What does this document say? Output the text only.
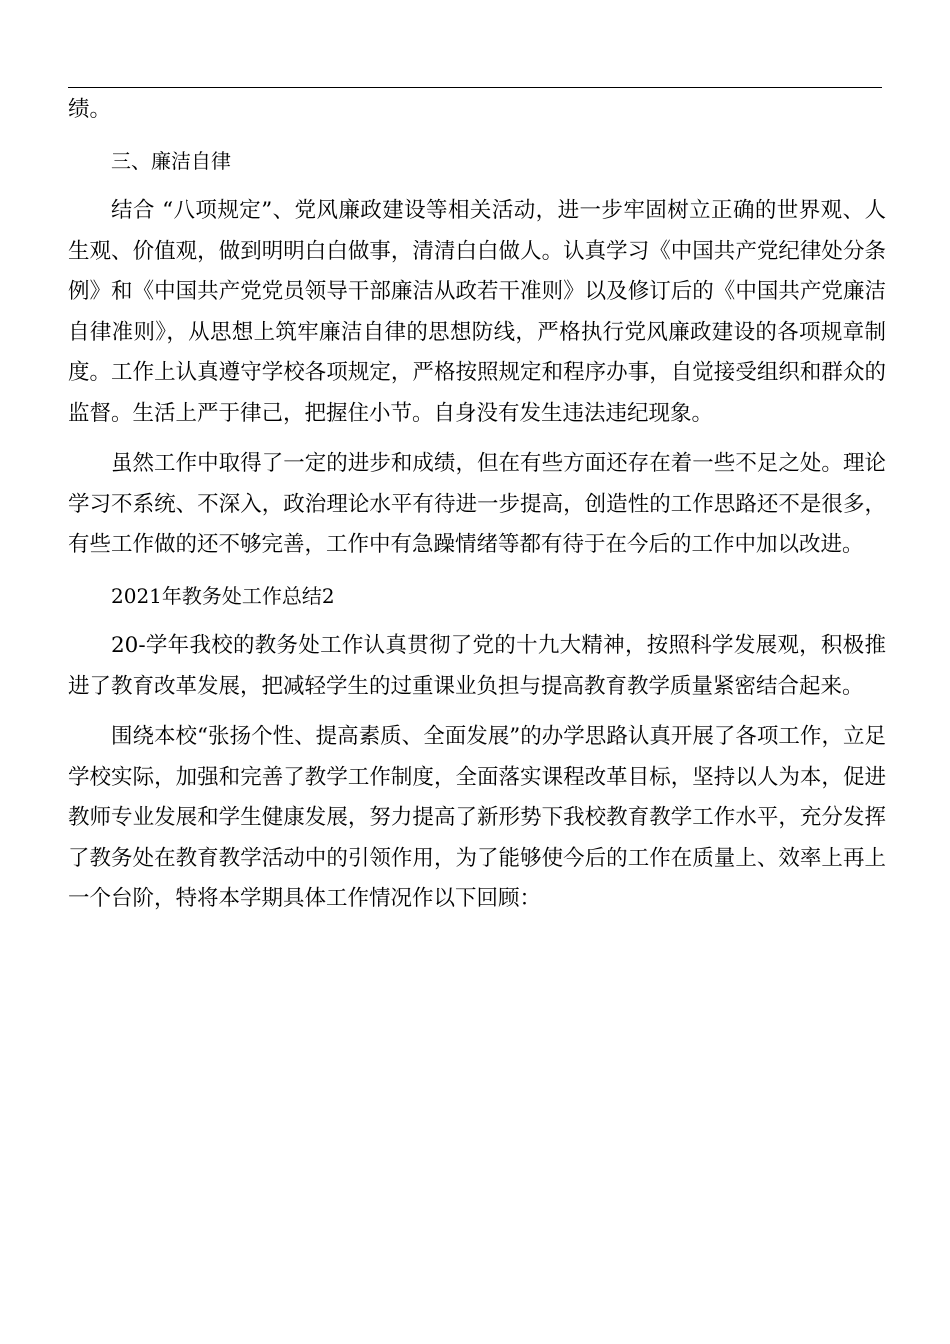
绩。

三、廉洁自律

结合 “八项规定”、党风廉政建设等相关活动，进一步牢固树立正确的世界观、人生观、价值观，做到明明白白做事，清清白白做人。认真学习《中国共产党纪律处分条例》和《中国共产党党员领导干部廉洁从政若干准则》以及修订后的《中国共产党廉洁自律准则》，从思想上筑牢廉洁自律的思想防线，严格执行党风廉政建设的各项规章制度。工作上认真遵守学校各项规定，严格按照规定和程序办事，自觉接受组织和群众的监督。生活上严于律己，把握住小节。自身没有发生违法违纪现象。

虽然工作中取得了一定的进步和成绩，但在有些方面还存在着一些不足之处。理论学习不系统、不深入，政治理论水平有待进一步提高，创造性的工作思路还不是很多，有些工作做的还不够完善，工作中有急躁情绪等都有待于在今后的工作中加以改进。

2021年教务处工作总结2

20-学年我校的教务处工作认真贯彻了党的十九大精神，按照科学发展观，积极推进了教育改革发展，把减轻学生的过重课业负担与提高教育教学质量紧密结合起来。

围绕本校“张扬个性、提高素质、全面发展”的办学思路认真开展了各项工作，立足学校实际，加强和完善了教学工作制度，全面落实课程改革目标，坚持以人为本，促进教师专业发展和学生健康发展，努力提高了新形势下我校教育教学工作水平，充分发挥了教务处在教育教学活动中的引领作用，为了能够使今后的工作在质量上、效率上再上一个台阶，特将本学期具体工作情况作以下回顾：
